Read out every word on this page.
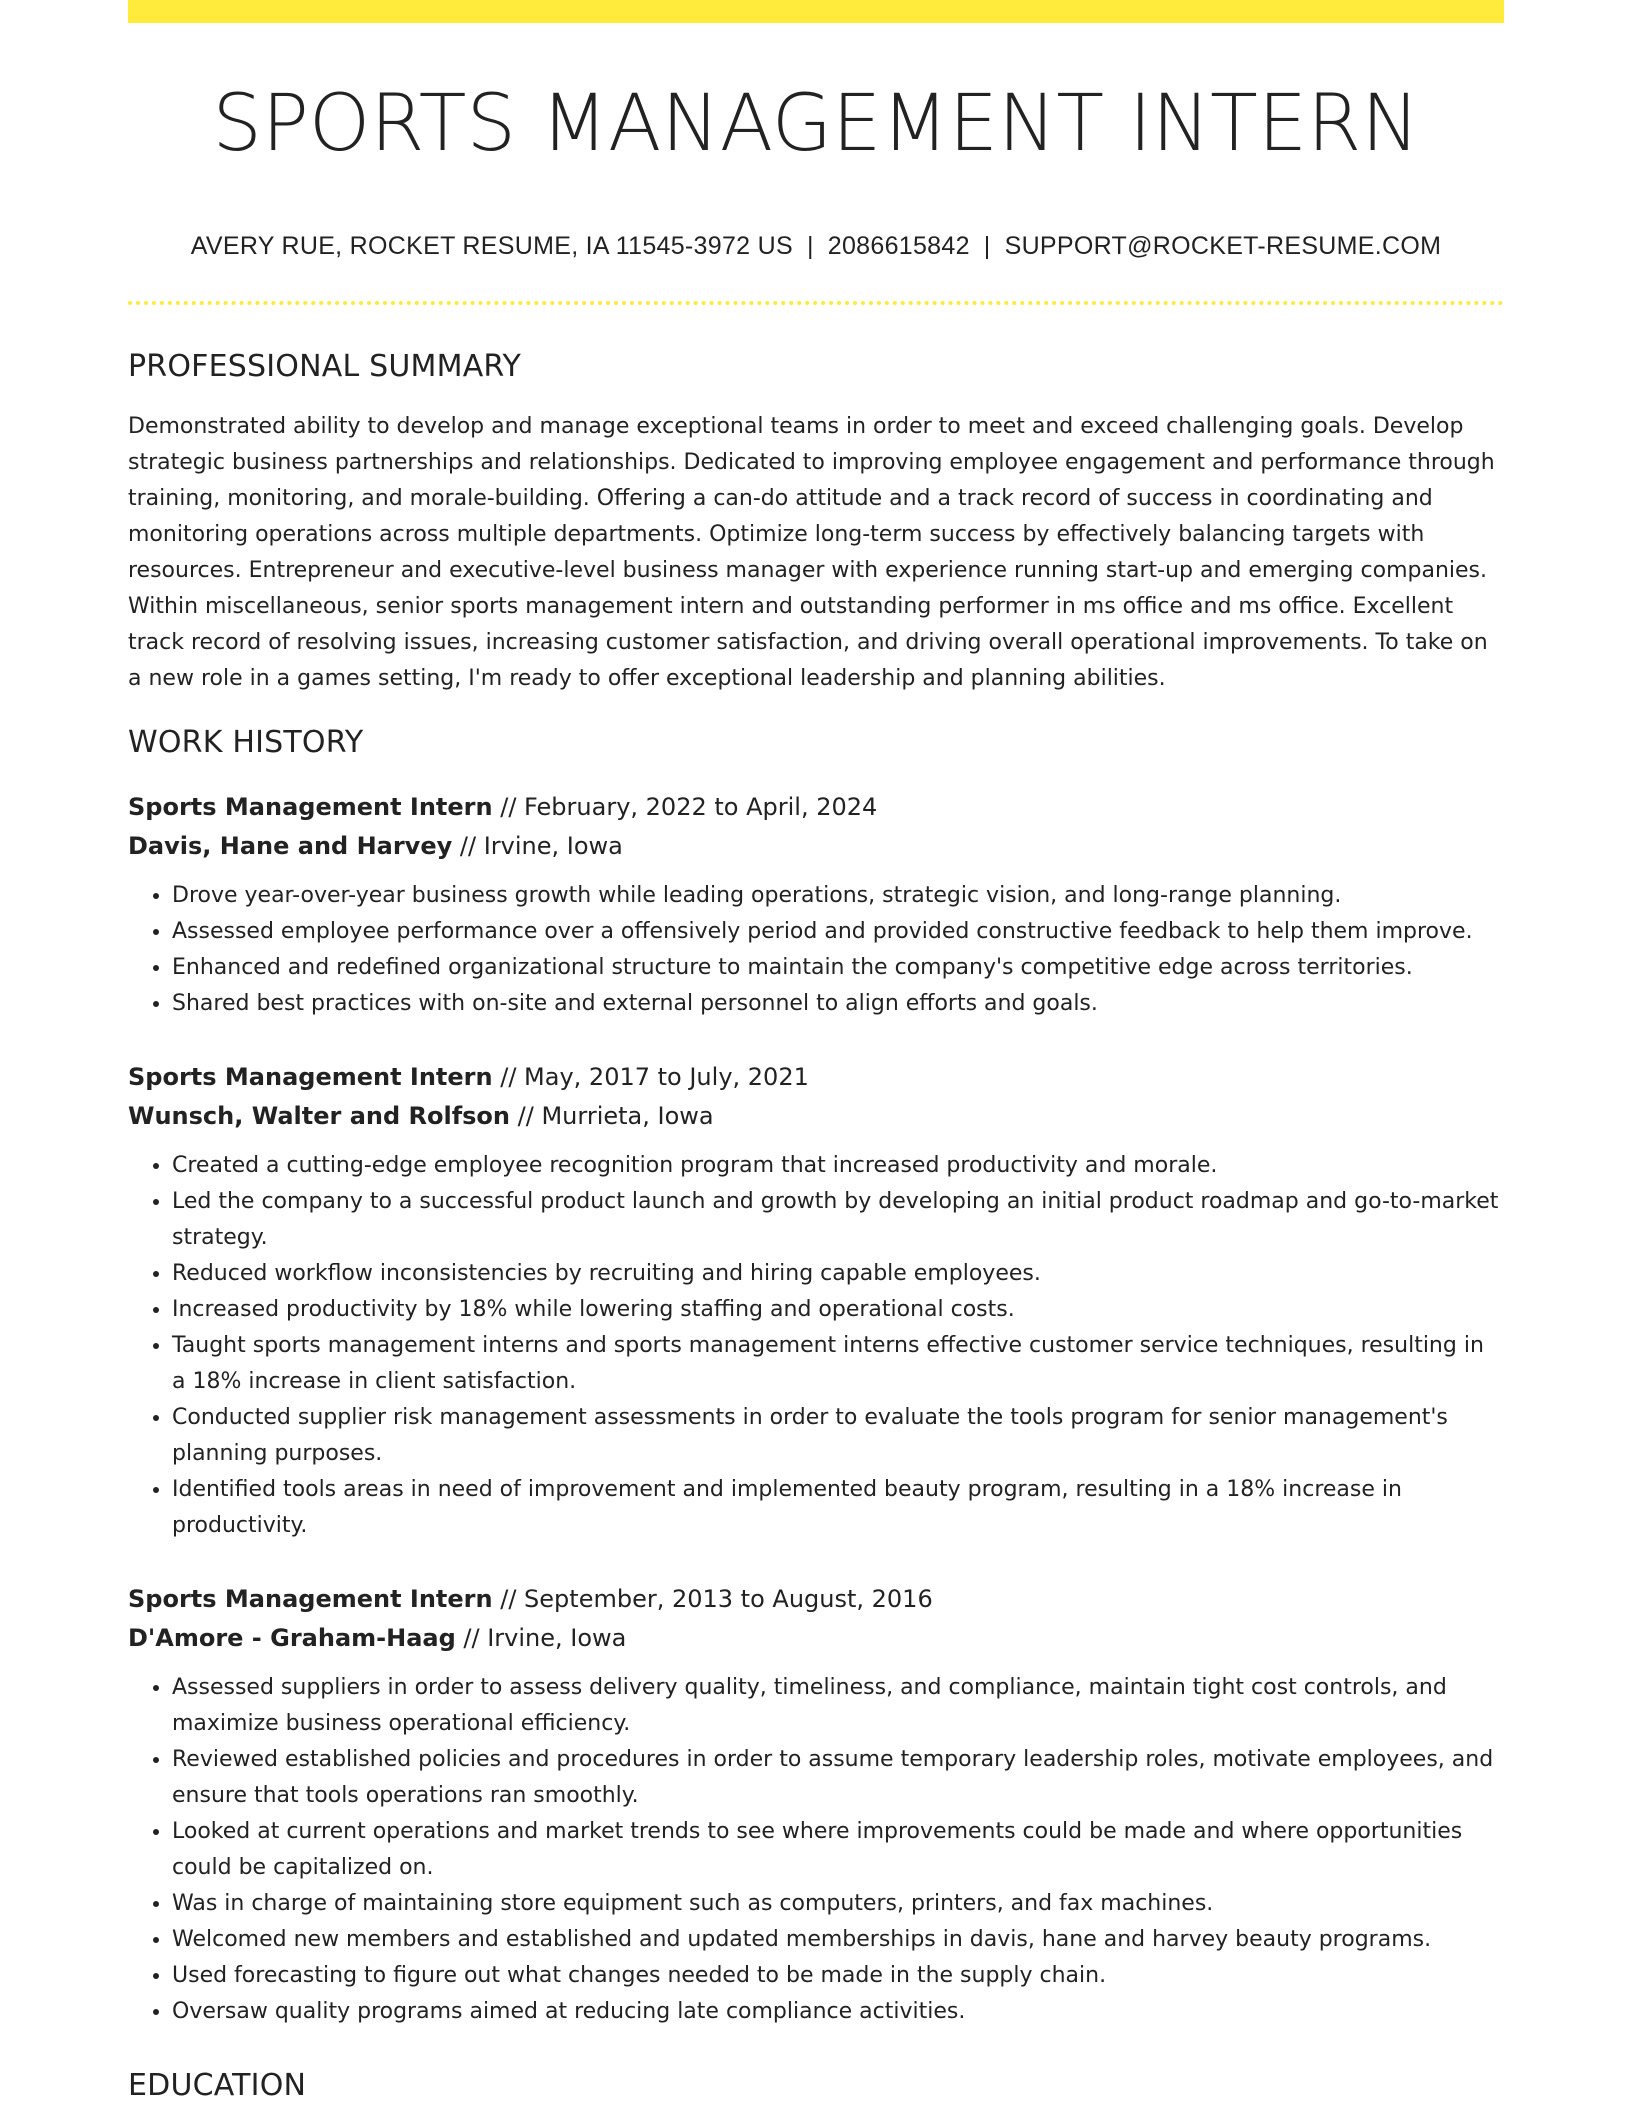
SPORTS MANAGEMENT INTERN
AVERY RUE, ROCKET RESUME, IA 11545-3972 US | 2086615842 | SUPPORT@ROCKET-RESUME.COM
PROFESSIONAL SUMMARY
Demonstrated ability to develop and manage exceptional teams in order to meet and exceed challenging goals. Develop strategic business partnerships and relationships. Dedicated to improving employee engagement and performance through training, monitoring, and morale-building. Offering a can-do attitude and a track record of success in coordinating and monitoring operations across multiple departments. Optimize long-term success by effectively balancing targets with resources. Entrepreneur and executive-level business manager with experience running start-up and emerging companies. Within miscellaneous, senior sports management intern and outstanding performer in ms office and ms office. Excellent track record of resolving issues, increasing customer satisfaction, and driving overall operational improvements. To take on a new role in a games setting, I'm ready to offer exceptional leadership and planning abilities.
WORK HISTORY
Sports Management Intern // February, 2022 to April, 2024
Davis, Hane and Harvey // Irvine, Iowa
• Drove year-over-year business growth while leading operations, strategic vision, and long-range planning.
• Assessed employee performance over a offensively period and provided constructive feedback to help them improve.
• Enhanced and redefined organizational structure to maintain the company's competitive edge across territories.
• Shared best practices with on-site and external personnel to align efforts and goals.
Sports Management Intern // May, 2017 to July, 2021
Wunsch, Walter and Rolfson // Murrieta, Iowa
• Created a cutting-edge employee recognition program that increased productivity and morale.
• Led the company to a successful product launch and growth by developing an initial product roadmap and go-to-market strategy.
• Reduced workflow inconsistencies by recruiting and hiring capable employees.
• Increased productivity by 18% while lowering staffing and operational costs.
• Taught sports management interns and sports management interns effective customer service techniques, resulting in a 18% increase in client satisfaction.
• Conducted supplier risk management assessments in order to evaluate the tools program for senior management's planning purposes.
• Identified tools areas in need of improvement and implemented beauty program, resulting in a 18% increase in productivity.
Sports Management Intern // September, 2013 to August, 2016
D'Amore - Graham-Haag // Irvine, Iowa
• Assessed suppliers in order to assess delivery quality, timeliness, and compliance, maintain tight cost controls, and maximize business operational efficiency.
• Reviewed established policies and procedures in order to assume temporary leadership roles, motivate employees, and ensure that tools operations ran smoothly.
• Looked at current operations and market trends to see where improvements could be made and where opportunities could be capitalized on.
• Was in charge of maintaining store equipment such as computers, printers, and fax machines.
• Welcomed new members and established and updated memberships in davis, hane and harvey beauty programs.
• Used forecasting to figure out what changes needed to be made in the supply chain.
• Oversaw quality programs aimed at reducing late compliance activities.
EDUCATION
